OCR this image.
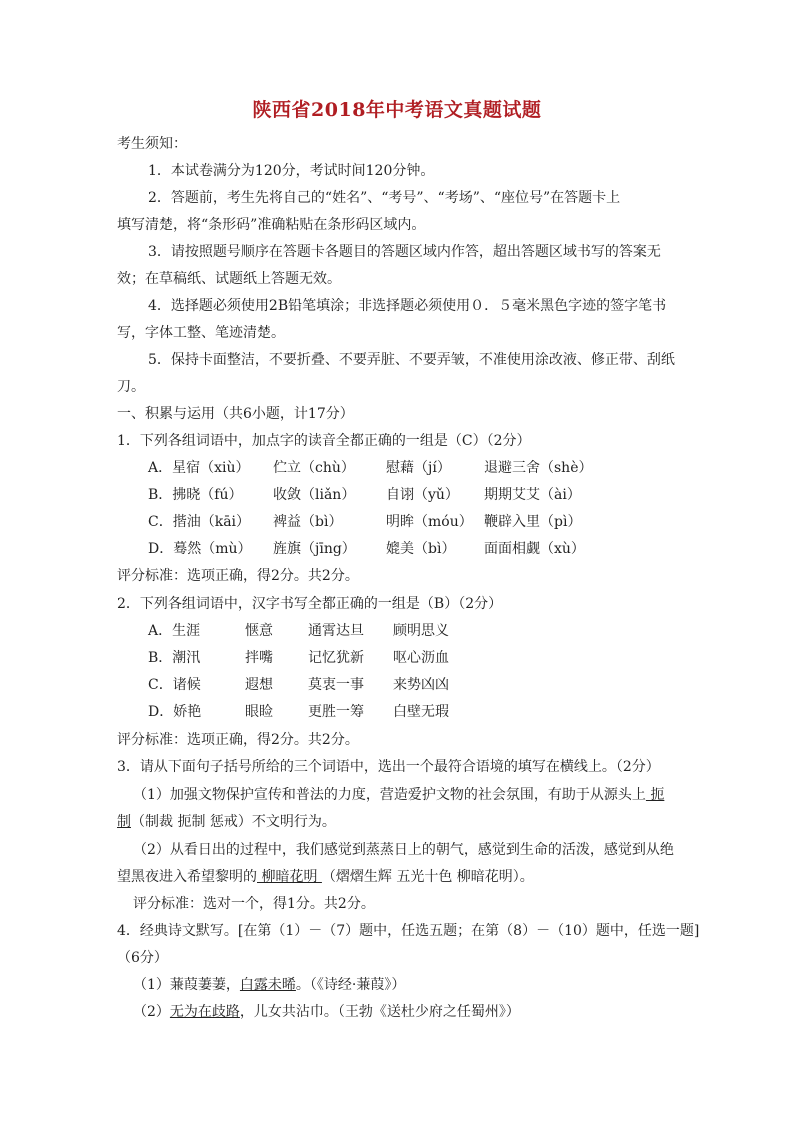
陕西省2018年中考语文真题试题
考生须知：
1．本试卷满分为120分，考试时间120分钟。
2．答题前，考生先将自己的“姓名”、“考号”、“考场”、“座位号”在答题卡上
填写清楚，将“条形码”准确粘贴在条形码区域内。
3．请按照题号顺序在答题卡各题目的答题区域内作答，超出答题区域书写的答案无
效；在草稿纸、试题纸上答题无效。
4．选择题必须使用2B铅笔填涂；非选择题必须使用０．５毫米黑色字迹的签字笔书
写，字体工整、笔迹清楚。
5．保持卡面整洁，不要折叠、不要弄脏、不要弄皱，不准使用涂改液、修正带、刮纸
刀。
一、积累与运用（共6小题，计17分）
1．下列各组词语中，加点字的读音全都正确的一组是（C）（2分）
A．星宿（xiù） 伫立（chù） 慰藉（jí） 退避三舍（shè）
B．拂晓（fú） 收敛（liǎn） 自诩（yǔ） 期期艾艾（ài）
C．揩油（kāi） 裨益（bì）	明眸（móu） 鞭辟入里（pì）
D．蓦然（mù） 旌旗（jīng） 媲美（bì） 面面相觑（xù）
评分标准：选项正确，得2分。共2分。
2．下列各组词语中，汉字书写全都正确的一组是（B）（2分）
A．生涯	惬意	通霄达旦 顾明思义
B．潮汛	拌嘴	记忆犹新 呕心沥血
C．诸候	遐想	莫衷一事 来势凶凶
D．娇艳	眼睑	更胜一筹 白壁无瑕
评分标准：选项正确，得2分。共2分。
3．请从下面句子括号所给的三个词语中，选出一个最符合语境的填写在横线上。（2分）
（1）加强文物保护宣传和普法的力度，营造爱护文物的社会氛围，有助于从源头上 扼
制（制裁 扼制 惩戒）不文明行为。
（2）从看日出的过程中，我们感觉到蒸蒸日上的朝气，感觉到生命的活泼，感觉到从绝
望黑夜进入希望黎明的 柳暗花明 （熠熠生辉 五光十色 柳暗花明）。
评分标准：选对一个，得1分。共2分。
4．经典诗文默写。[在第（1）－（7）题中，任选五题；在第（8）－（10）题中，任选一题]
（6分）
（1）蒹葭萋萋，白露未晞。（《诗经·蒹葭》）
（2）无为在歧路，儿女共沾巾。（王勃《送杜少府之任蜀州》）
